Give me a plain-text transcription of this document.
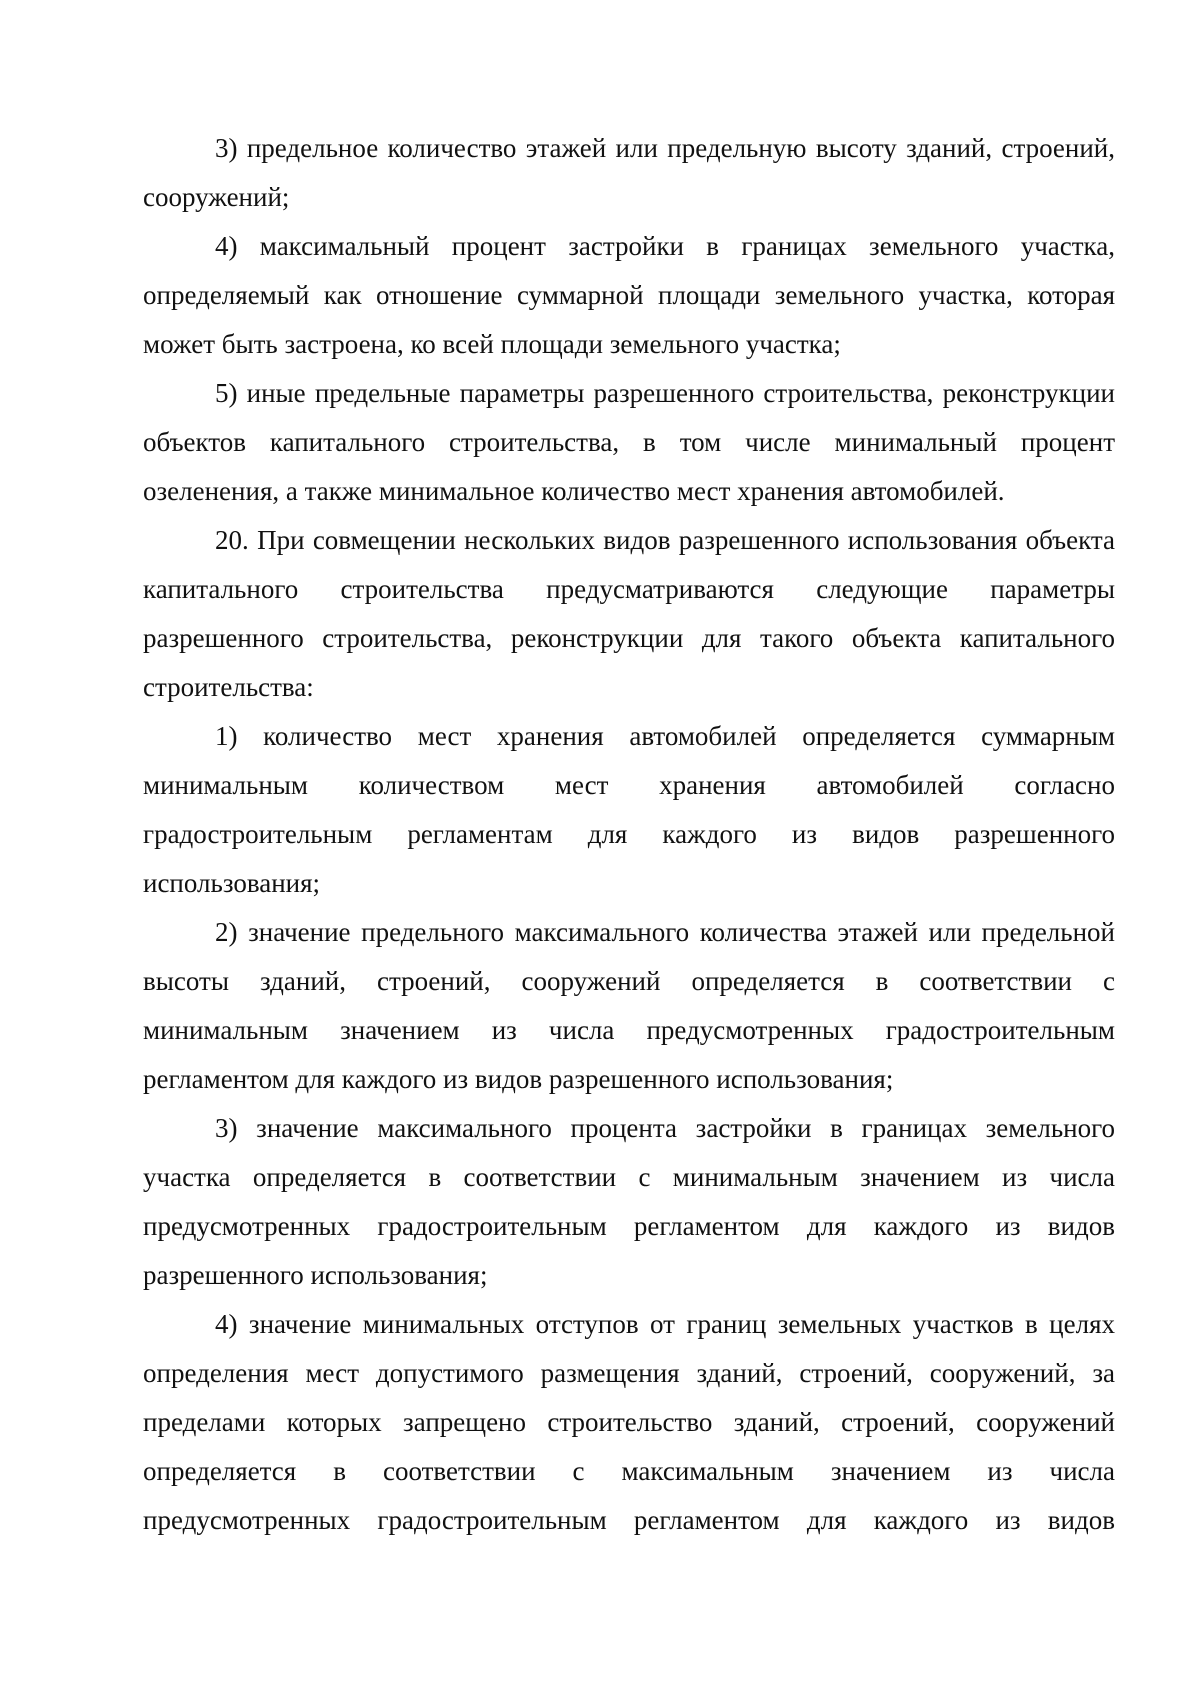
3) предельное количество этажей или предельную высоту зданий, строений, сооружений;

4) максимальный процент застройки в границах земельного участка, определяемый как отношение суммарной площади земельного участка, которая может быть застроена, ко всей площади земельного участка;

5) иные предельные параметры разрешенного строительства, реконструкции объектов капитального строительства, в том числе минимальный процент озеленения, а также минимальное количество мест хранения автомобилей.

20. При совмещении нескольких видов разрешенного использования объекта капитального строительства предусматриваются следующие параметры разрешенного строительства, реконструкции для такого объекта капитального строительства:

1) количество мест хранения автомобилей определяется суммарным минимальным количеством мест хранения автомобилей согласно градостроительным регламентам для каждого из видов разрешенного использования;

2) значение предельного максимального количества этажей или предельной высоты зданий, строений, сооружений определяется в соответствии с минимальным значением из числа предусмотренных градостроительным регламентом для каждого из видов разрешенного использования;

3) значение максимального процента застройки в границах земельного участка определяется в соответствии с минимальным значением из числа предусмотренных градостроительным регламентом для каждого из видов разрешенного использования;

4) значение минимальных отступов от границ земельных участков в целях определения мест допустимого размещения зданий, строений, сооружений, за пределами которых запрещено строительство зданий, строений, сооружений определяется в соответствии с максимальным значением из числа предусмотренных градостроительным регламентом для каждого из видов
